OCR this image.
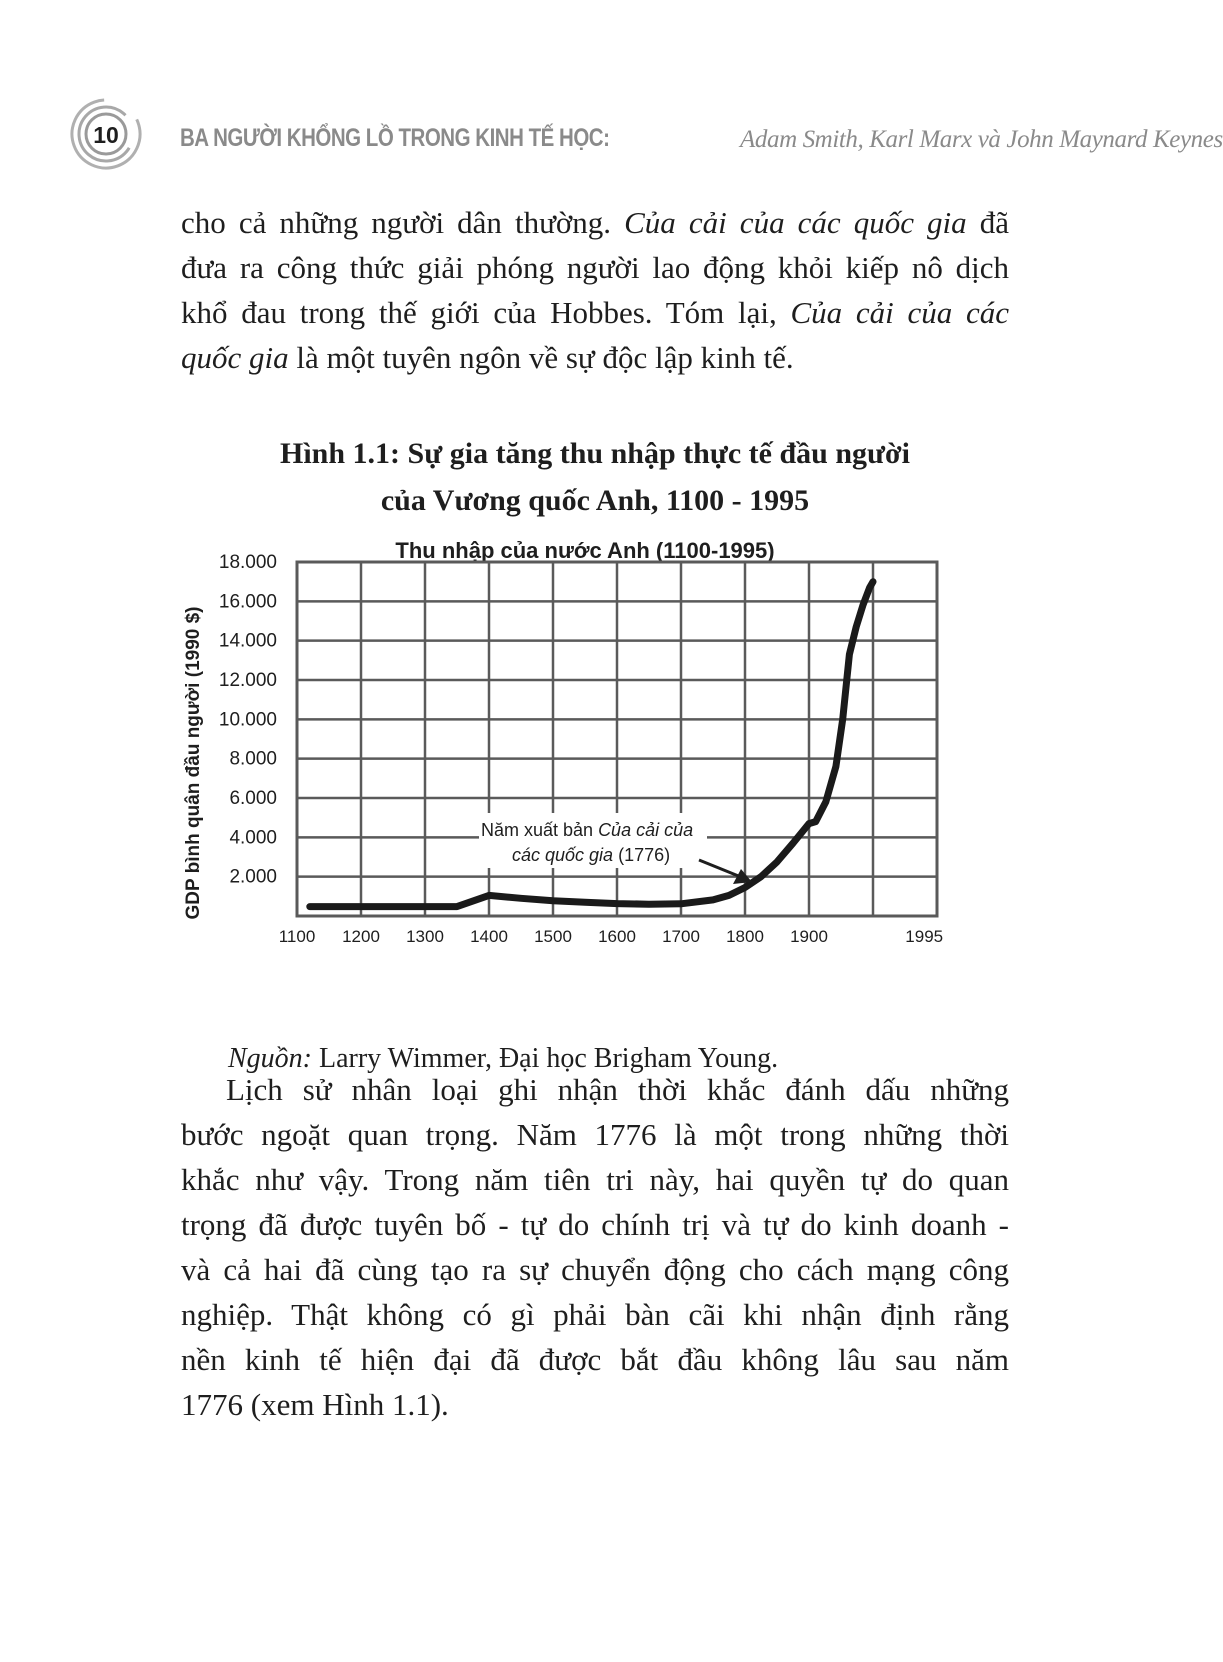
10 BA NGƯỜI KHỔNG LỒ TRONG KINH TẾ HỌC:	Adam Smith, Karl Marx và John Maynard Keynes
cho cả những người dân thường. Của cải của các quốc gia đã
đưa ra công thức giải phóng người lao động khỏi kiếp nô dịch
khổ đau trong thế giới của Hobbes. Tóm lại, Của cải của các
quốc gia là một tuyên ngôn về sự độc lập kinh tế.
Hình 1.1: Sự gia tăng thu nhập thực tế đầu người
của Vương quốc Anh, 1100 - 1995
Thu nhập của nước Anh (1100-1995)
GDP bình quân đầu người (1990 $)
1100 1200 1300 1400 1500 1600 1700 1800 1900	1995
2.000
4.000
6.000
8.000
10.000
12.000
14.000
16.000
18.000
Năm xuất bản Của cải của
các quốc gia (1776)
Nguồn: Larry Wimmer, Đại học Brigham Young.
Lịch sử nhân loại ghi nhận thời khắc đánh dấu những
bước ngoặt quan trọng. Năm 1776 là một trong những thời
khắc như vậy. Trong năm tiên tri này, hai quyền tự do quan
trọng đã được tuyên bố - tự do chính trị và tự do kinh doanh -
và cả hai đã cùng tạo ra sự chuyển động cho cách mạng công
nghiệp. Thật không có gì phải bàn cãi khi nhận định rằng
nền kinh tế hiện đại đã được bắt đầu không lâu sau năm
1776 (xem Hình 1.1).
